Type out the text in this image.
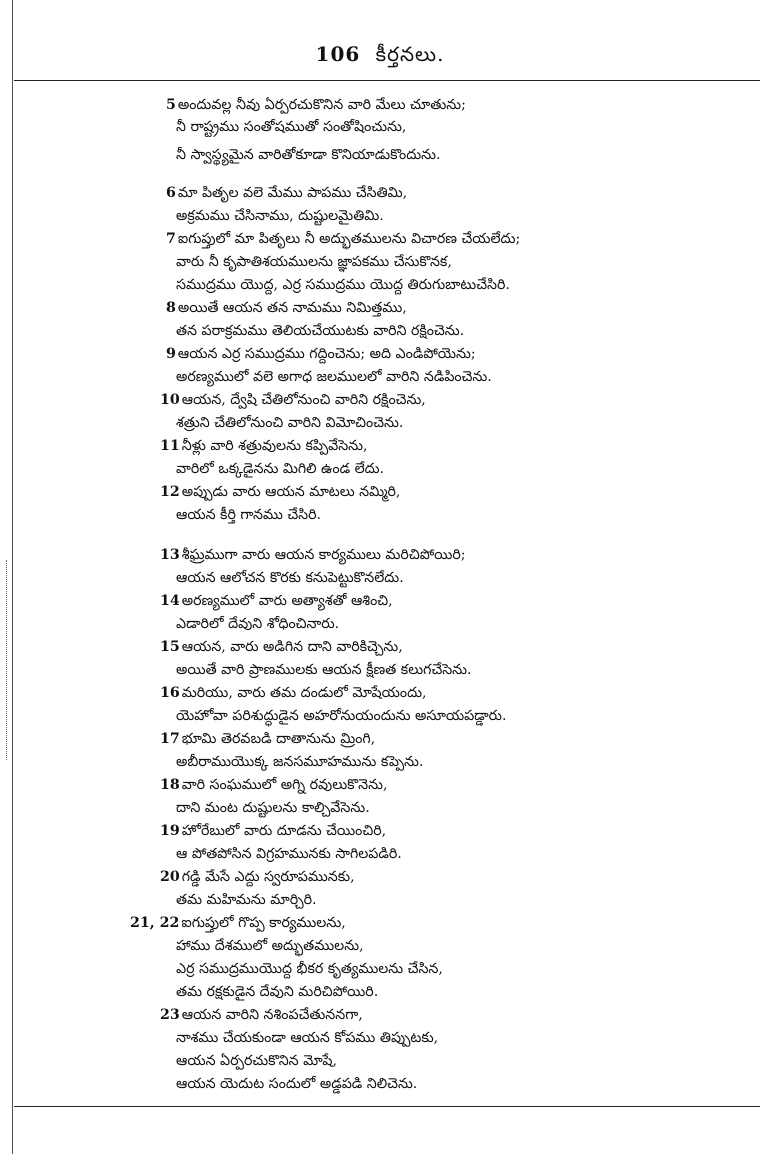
106 కీర్తనలు.
5 అందువల్ల నీవు ఏర్పరచుకొనిన వారి మేలు చూతును;
నీ రాష్ట్రము సంతోషముతో సంతోషించును,
నీ స్వాస్థ్యమైన వారితోకూడా కొనియాడుకొందును.
6 మా పితృల వలె మేము పాపము చేసితిమి,
అక్రమము చేసినాము, దుష్టులమైతిమి.
7 ఐగుప్తులో మా పితృలు నీ అద్భుతములను విచారణ చేయలేదు;
వారు నీ కృపాతిశయములను జ్ఞాపకము చేసుకొనక,
సముద్రము యొద్ద, ఎర్ర సముద్రము యొద్ద తిరుగుబాటుచేసిరి.
8 అయితే ఆయన తన నామము నిమిత్తము,
తన పరాక్రమము తెలియచేయుటకు వారిని రక్షించెను.
9 ఆయన ఎర్ర సముద్రము గద్దించెను; అది ఎండిపోయెను;
అరణ్యములో వలె అగాధ జలములలో వారిని నడిపించెను.
10 ఆయన, ద్వేషి చేతిలోనుంచి వారిని రక్షించెను,
శత్రుని చేతిలోనుంచి వారిని విమోచించెను.
11 నీళ్లు వారి శత్రువులను కప్పివేసెను,
వారిలో ఒక్కడైనను మిగిలి ఉండ లేదు.
12 అప్పుడు వారు ఆయన మాటలు నమ్మిరి,
ఆయన కీర్తి గానము చేసిరి.
13 శీఘ్రముగా వారు ఆయన కార్యములు మరిచిపోయిరి;
ఆయన ఆలోచన కొరకు కనుపెట్టుకొనలేదు.
14 అరణ్యములో వారు అత్యాశతో ఆశించి,
ఎడారిలో దేవుని శోధించినారు.
15 ఆయన, వారు అడిగిన దాని వారికిచ్చెను,
అయితే వారి ప్రాణములకు ఆయన క్షీణత కలుగచేసెను.
16 మరియు, వారు తమ దండులో మోషేయందు,
యెహోవా పరిశుద్ధుడైన అహరోనుయందును అసూయపడ్డారు.
17 భూమి తెరవబడి దాతానును మ్రింగి,
అబీరాముయొక్క జనసమూహమును కప్పెను.
18 వారి సంఘములో అగ్ని రవులుకొనెను,
దాని మంట దుష్టులను కాల్చివేసెను.
19 హోరేబులో వారు దూడను చేయించిరి,
ఆ పోతపోసిన విగ్రహమునకు సాగిలపడిరి.
20 గడ్డి మేసే ఎద్దు స్వరూపమునకు,
తమ మహిమను మార్చిరి.
21, 22 ఐగుప్తులో గొప్ప కార్యములను,
హాము దేశములో అద్భుతములను,
ఎర్ర సముద్రముయొద్ద భీకర కృత్యములను చేసిన,
తమ రక్షకుడైన దేవుని మరిచిపోయిరి.
23 ఆయన వారిని నశింపచేతుననగా,
నాశము చేయకుండా ఆయన కోపము తిప్పుటకు,
ఆయన ఏర్పరచుకొనిన మోషే,
ఆయన యెదుట సందులో అడ్డపడి నిలిచెను.
